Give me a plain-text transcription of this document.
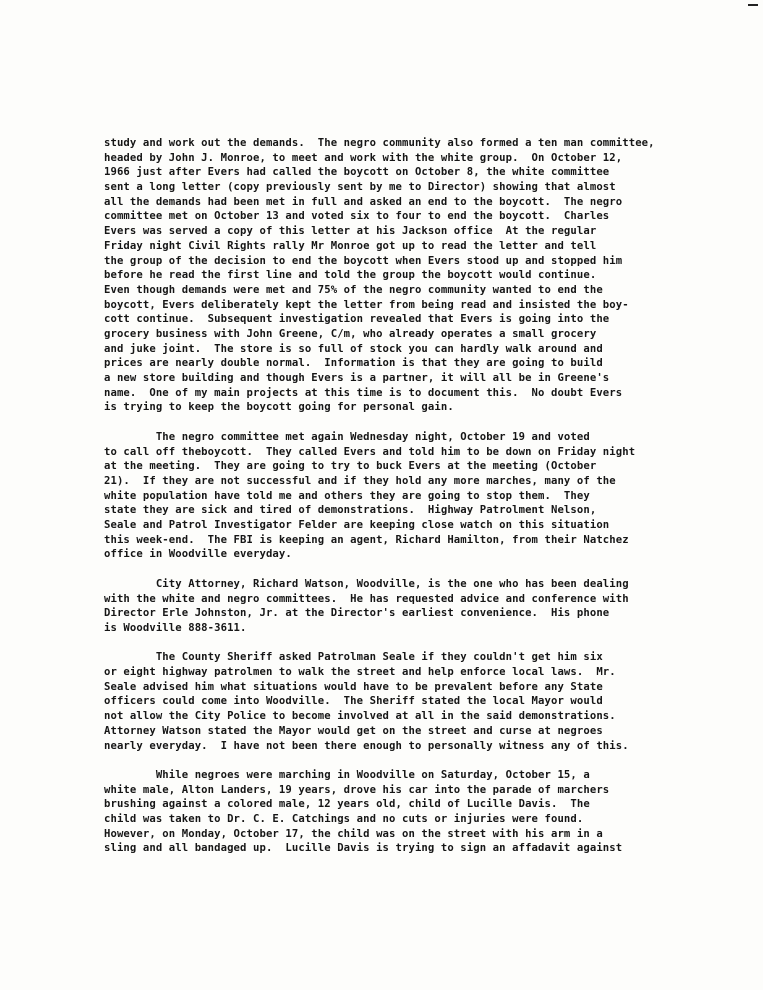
study and work out the demands.  The negro community also formed a ten man committee,
headed by John J. Monroe, to meet and work with the white group.  On October 12,
1966 just after Evers had called the boycott on October 8, the white committee
sent a long letter (copy previously sent by me to Director) showing that almost
all the demands had been met in full and asked an end to the boycott.  The negro
committee met on October 13 and voted six to four to end the boycott.  Charles
Evers was served a copy of this letter at his Jackson office  At the regular
Friday night Civil Rights rally Mr Monroe got up to read the letter and tell
the group of the decision to end the boycott when Evers stood up and stopped him
before he read the first line and told the group the boycott would continue.
Even though demands were met and 75% of the negro community wanted to end the
boycott, Evers deliberately kept the letter from being read and insisted the boy-
cott continue.  Subsequent investigation revealed that Evers is going into the
grocery business with John Greene, C/m, who already operates a small grocery
and juke joint.  The store is so full of stock you can hardly walk around and
prices are nearly double normal.  Information is that they are going to build
a new store building and though Evers is a partner, it will all be in Greene's
name.  One of my main projects at this time is to document this.  No doubt Evers
is trying to keep the boycott going for personal gain.
The negro committee met again Wednesday night, October 19 and voted
to call off theboycott.  They called Evers and told him to be down on Friday night
at the meeting.  They are going to try to buck Evers at the meeting (October
21).  If they are not successful and if they hold any more marches, many of the
white population have told me and others they are going to stop them.  They
state they are sick and tired of demonstrations.  Highway Patrolment Nelson,
Seale and Patrol Investigator Felder are keeping close watch on this situation
this week-end.  The FBI is keeping an agent, Richard Hamilton, from their Natchez
office in Woodville everyday.
City Attorney, Richard Watson, Woodville, is the one who has been dealing
with the white and negro committees.  He has requested advice and conference with
Director Erle Johnston, Jr. at the Director's earliest convenience.  His phone
is Woodville 888-3611.
The County Sheriff asked Patrolman Seale if they couldn't get him six
or eight highway patrolmen to walk the street and help enforce local laws.  Mr.
Seale advised him what situations would have to be prevalent before any State
officers could come into Woodville.  The Sheriff stated the local Mayor would
not allow the City Police to become involved at all in the said demonstrations.
Attorney Watson stated the Mayor would get on the street and curse at negroes
nearly everyday.  I have not been there enough to personally witness any of this.
While negroes were marching in Woodville on Saturday, October 15, a
white male, Alton Landers, 19 years, drove his car into the parade of marchers
brushing against a colored male, 12 years old, child of Lucille Davis.  The
child was taken to Dr. C. E. Catchings and no cuts or injuries were found.
However, on Monday, October 17, the child was on the street with his arm in a
sling and all bandaged up.  Lucille Davis is trying to sign an affadavit against
